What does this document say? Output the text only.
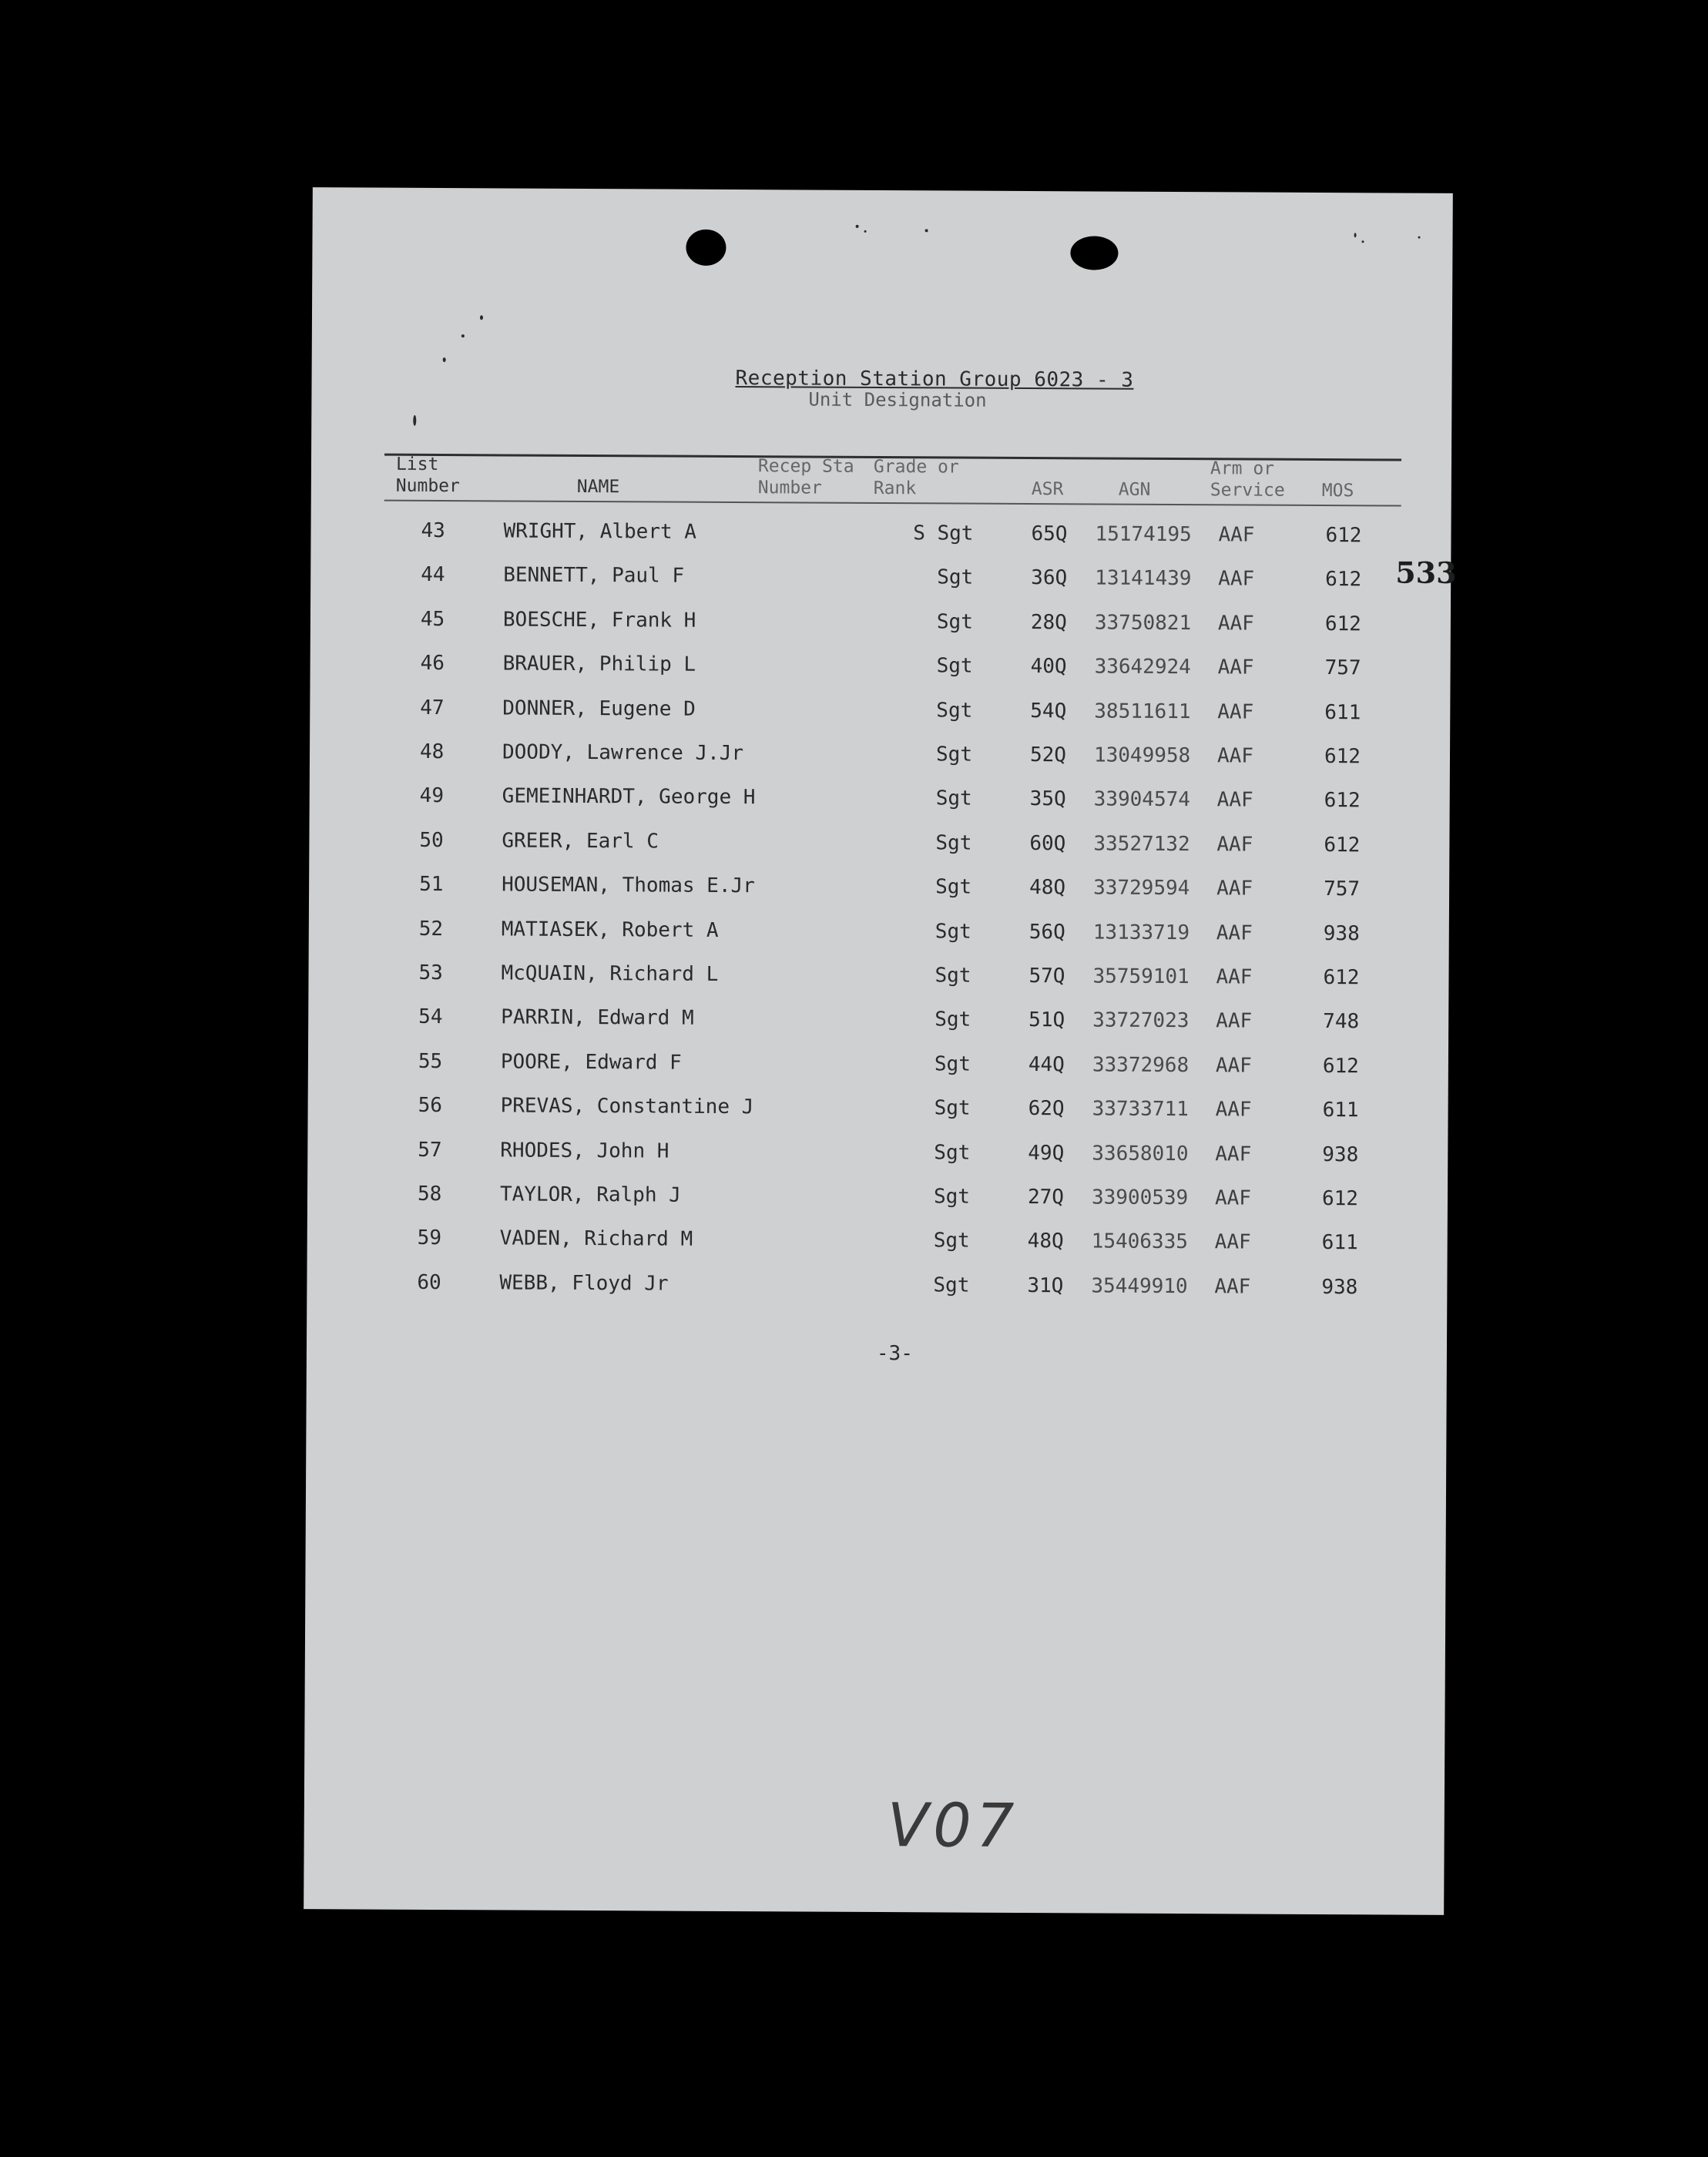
Reception Station Group 6023 - 3
Unit Designation
List
Number	NAME
Recep Sta
Number
Grade or
Rank	ASR	AGN
Arm or
Service MOS
43	WRIGHT, Albert A	S Sgt	65Q 15174195 AAF	612
44	BENNETT, Paul F	Sgt	36Q 13141439 AAF	612
45	BOESCHE, Frank H	Sgt	28Q 33750821 AAF	612
46	BRAUER, Philip L	Sgt	40Q 33642924 AAF	757
47	DONNER, Eugene D	Sgt	54Q 38511611 AAF	611
48	DOODY, Lawrence J.Jr	Sgt	52Q 13049958 AAF	612
49	GEMEINHARDT, George H	Sgt	35Q 33904574 AAF	612
50	GREER, Earl C	Sgt	60Q 33527132 AAF	612
51	HOUSEMAN, Thomas E.Jr	Sgt	48Q 33729594 AAF	757
52	MATIASEK, Robert A	Sgt	56Q 13133719 AAF	938
53	McQUAIN, Richard L	Sgt	57Q 35759101 AAF	612
54	PARRIN, Edward M	Sgt	51Q 33727023 AAF	748
55	POORE, Edward F	Sgt	44Q 33372968 AAF	612
56	PREVAS, Constantine J	Sgt	62Q 33733711 AAF	611
57	RHODES, John H	Sgt	49Q 33658010 AAF	938
58	TAYLOR, Ralph J	Sgt	27Q 33900539 AAF	612
59	VADEN, Richard M	Sgt	48Q 15406335 AAF	611
60	WEBB, Floyd Jr	Sgt	31Q 35449910 AAF	938
533
-3-
V07
